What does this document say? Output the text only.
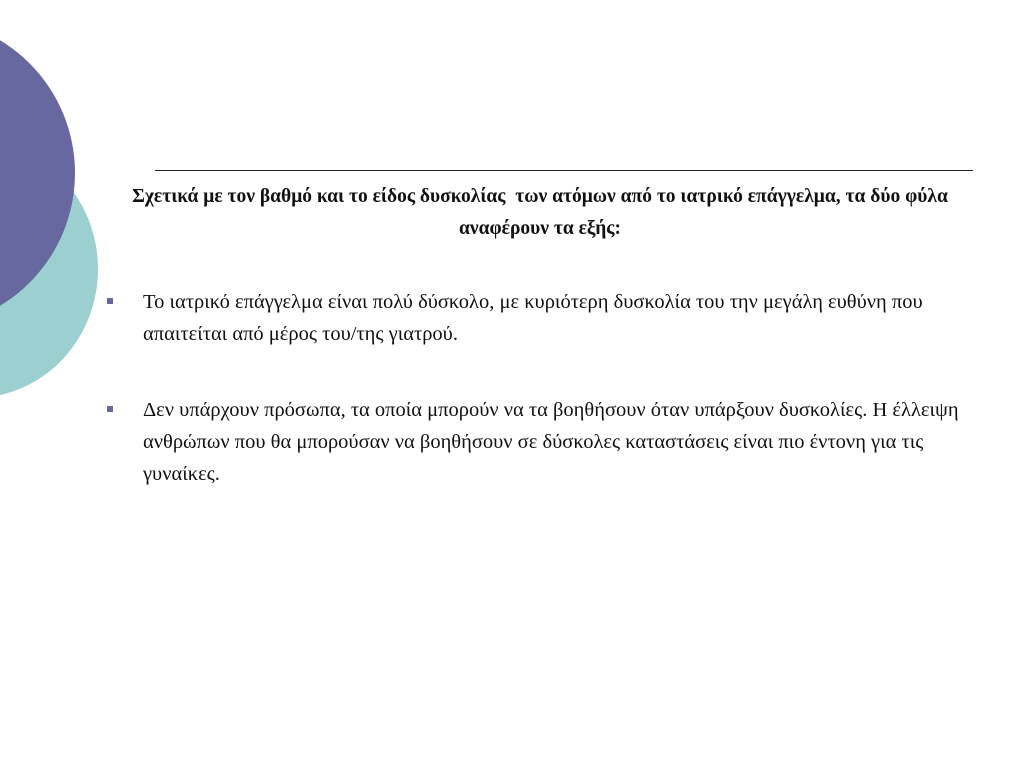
Σχετικά με τον βαθμό και το είδος δυσκολίας  των ατόμων από το ιατρικό επάγγελμα, τα δύο φύλα αναφέρουν τα εξής:

Το ιατρικό επάγγελμα είναι πολύ δύσκολο, με κυριότερη δυσκολία του την μεγάλη ευθύνη που απαιτείται από μέρος του/της γιατρού.
Δεν υπάρχουν πρόσωπα, τα οποία μπορούν να τα βοηθήσουν όταν υπάρξουν δυσκολίες. Η έλλειψη ανθρώπων που θα μπορούσαν να βοηθήσουν σε δύσκολες καταστάσεις είναι πιο έντονη για τις γυναίκες.
